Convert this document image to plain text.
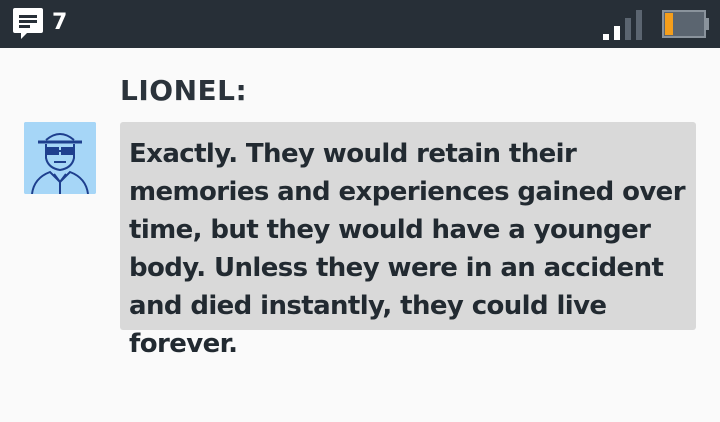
7
LIONEL:
Exactly. They would retain their memories and experiences gained over time, but they would have a younger body. Unless they were in an accident and died instantly, they could live forever.
